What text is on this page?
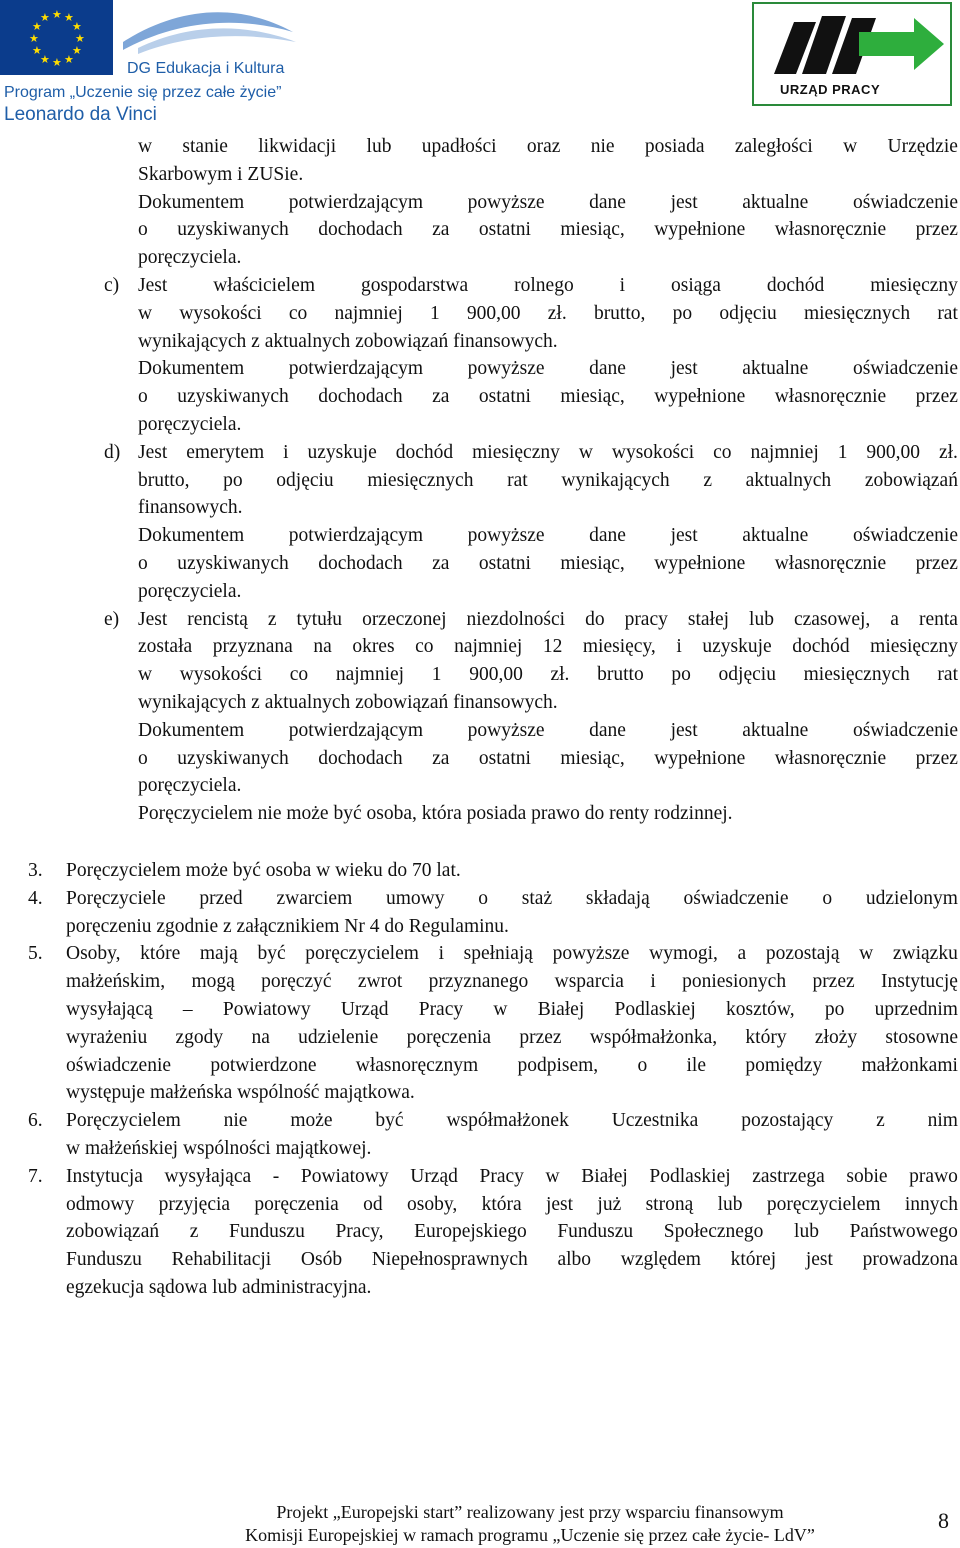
★ ★
★
★
★
★
★
★
★
★
★
★
DG Edukacja i Kultura
Program „Uczenie się przez całe życie”
Leonardo da Vinci
URZĄD PRACY
w stanie likwidacji lub upadłości oraz nie posiada zaległości w Urzędzie
Skarbowym i ZUSie.
Dokumentem potwierdzającym powyższe dane jest aktualne oświadczenie
o uzyskiwanych dochodach za ostatni miesiąc, wypełnione własnoręcznie przez
poręczyciela.
c) Jest właścicielem gospodarstwa rolnego i osiąga dochód miesięczny
w wysokości co najmniej 1 900,00 zł. brutto, po odjęciu miesięcznych rat
wynikających z aktualnych zobowiązań finansowych.
Dokumentem potwierdzającym powyższe dane jest aktualne oświadczenie
o uzyskiwanych dochodach za ostatni miesiąc, wypełnione własnoręcznie przez
poręczyciela.
d) Jest emerytem i uzyskuje dochód miesięczny w wysokości co najmniej 1 900,00 zł.
brutto, po odjęciu miesięcznych rat wynikających z aktualnych zobowiązań
finansowych.
Dokumentem potwierdzającym powyższe dane jest aktualne oświadczenie
o uzyskiwanych dochodach za ostatni miesiąc, wypełnione własnoręcznie przez
poręczyciela.
e) Jest rencistą z tytułu orzeczonej niezdolności do pracy stałej lub czasowej, a renta
została przyznana na okres co najmniej 12 miesięcy, i uzyskuje dochód miesięczny
w wysokości co najmniej 1 900,00 zł. brutto po odjęciu miesięcznych rat
wynikających z aktualnych zobowiązań finansowych.
Dokumentem potwierdzającym powyższe dane jest aktualne oświadczenie
o uzyskiwanych dochodach za ostatni miesiąc, wypełnione własnoręcznie przez
poręczyciela.
Poręczycielem nie może być osoba, która posiada prawo do renty rodzinnej.
3. Poręczycielem może być osoba w wieku do 70 lat.
4. Poręczyciele przed zwarciem umowy o staż składają oświadczenie o udzielonym
poręczeniu zgodnie z załącznikiem Nr 4 do Regulaminu.
5. Osoby, które mają być poręczycielem i spełniają powyższe wymogi, a pozostają w związku
małżeńskim, mogą poręczyć zwrot przyznanego wsparcia i poniesionych przez Instytucję
wysyłającą – Powiatowy Urząd Pracy w Białej Podlaskiej kosztów, po uprzednim
wyrażeniu zgody na udzielenie poręczenia przez współmałżonka, który złoży stosowne
oświadczenie potwierdzone własnoręcznym podpisem, o ile pomiędzy małżonkami
występuje małżeńska wspólność majątkowa.
6. Poręczycielem nie może być współmałżonek Uczestnika pozostający z nim
w małżeńskiej wspólności majątkowej.
7. Instytucja wysyłająca - Powiatowy Urząd Pracy w Białej Podlaskiej zastrzega sobie prawo
odmowy przyjęcia poręczenia od osoby, która jest już stroną lub poręczycielem innych
zobowiązań z Funduszu Pracy, Europejskiego Funduszu Społecznego lub Państwowego
Funduszu Rehabilitacji Osób Niepełnosprawnych albo względem której jest prowadzona
egzekucja sądowa lub administracyjna.
Projekt „Europejski start” realizowany jest przy wsparciu finansowym
Komisji Europejskiej w ramach programu „Uczenie się przez całe życie- LdV”
8
